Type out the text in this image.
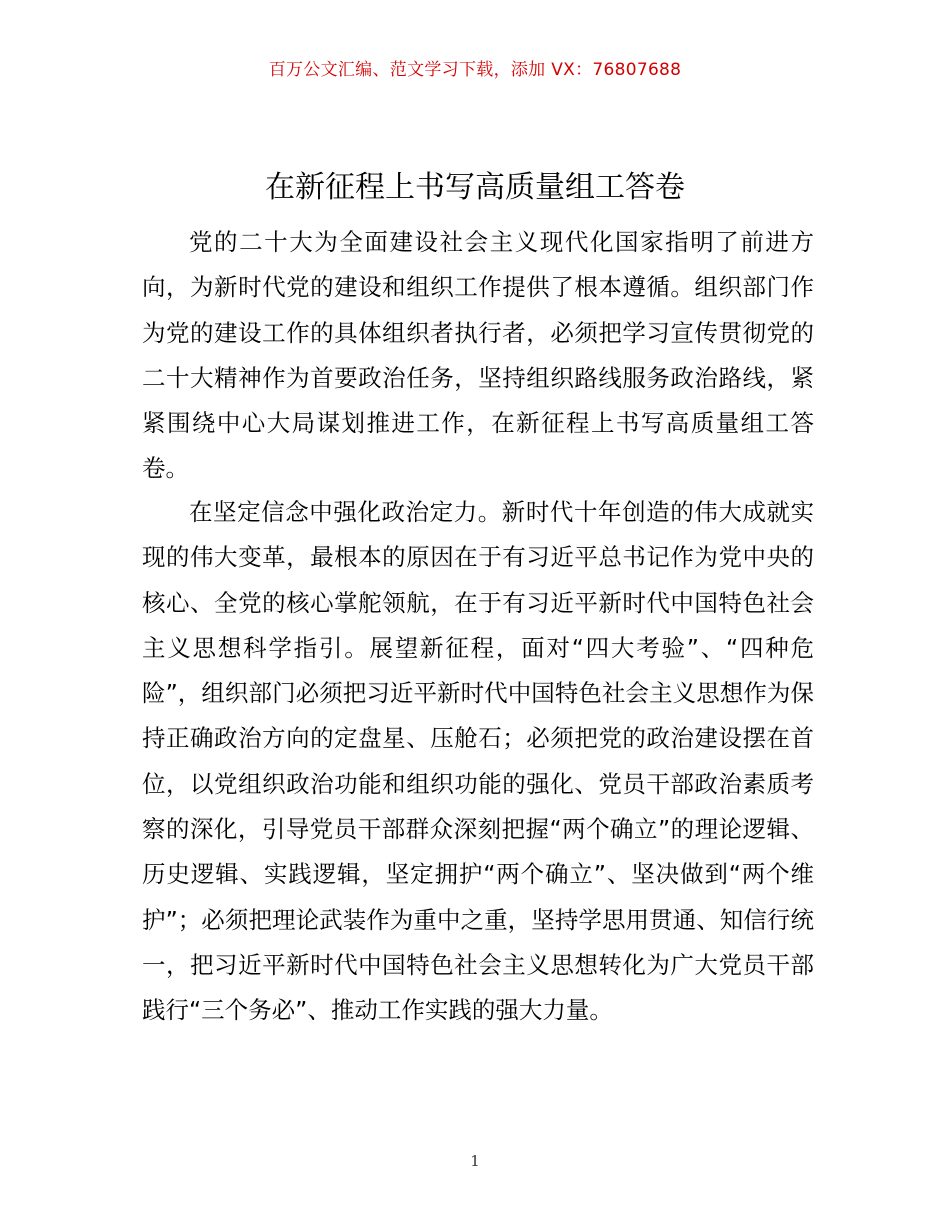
百万公文汇编、范文学习下载，添加 VX：76807688
在新征程上书写高质量组工答卷

党的二十大为全面建设社会主义现代化国家指明了前进方向，为新时代党的建设和组织工作提供了根本遵循。组织部门作为党的建设工作的具体组织者执行者，必须把学习宣传贯彻党的二十大精神作为首要政治任务，坚持组织路线服务政治路线，紧紧围绕中心大局谋划推进工作，在新征程上书写高质量组工答卷。

在坚定信念中强化政治定力。新时代十年创造的伟大成就实现的伟大变革，最根本的原因在于有习近平总书记作为党中央的核心、全党的核心掌舵领航，在于有习近平新时代中国特色社会主义思想科学指引。展望新征程，面对“四大考验”、“四种危险”，组织部门必须把习近平新时代中国特色社会主义思想作为保持正确政治方向的定盘星、压舱石；必须把党的政治建设摆在首位，以党组织政治功能和组织功能的强化、党员干部政治素质考察的深化，引导党员干部群众深刻把握“两个确立”的理论逻辑、历史逻辑、实践逻辑，坚定拥护“两个确立”、坚决做到“两个维护”；必须把理论武装作为重中之重，坚持学思用贯通、知信行统一，把习近平新时代中国特色社会主义思想转化为广大党员干部践行“三个务必”、推动工作实践的强大力量。

1
